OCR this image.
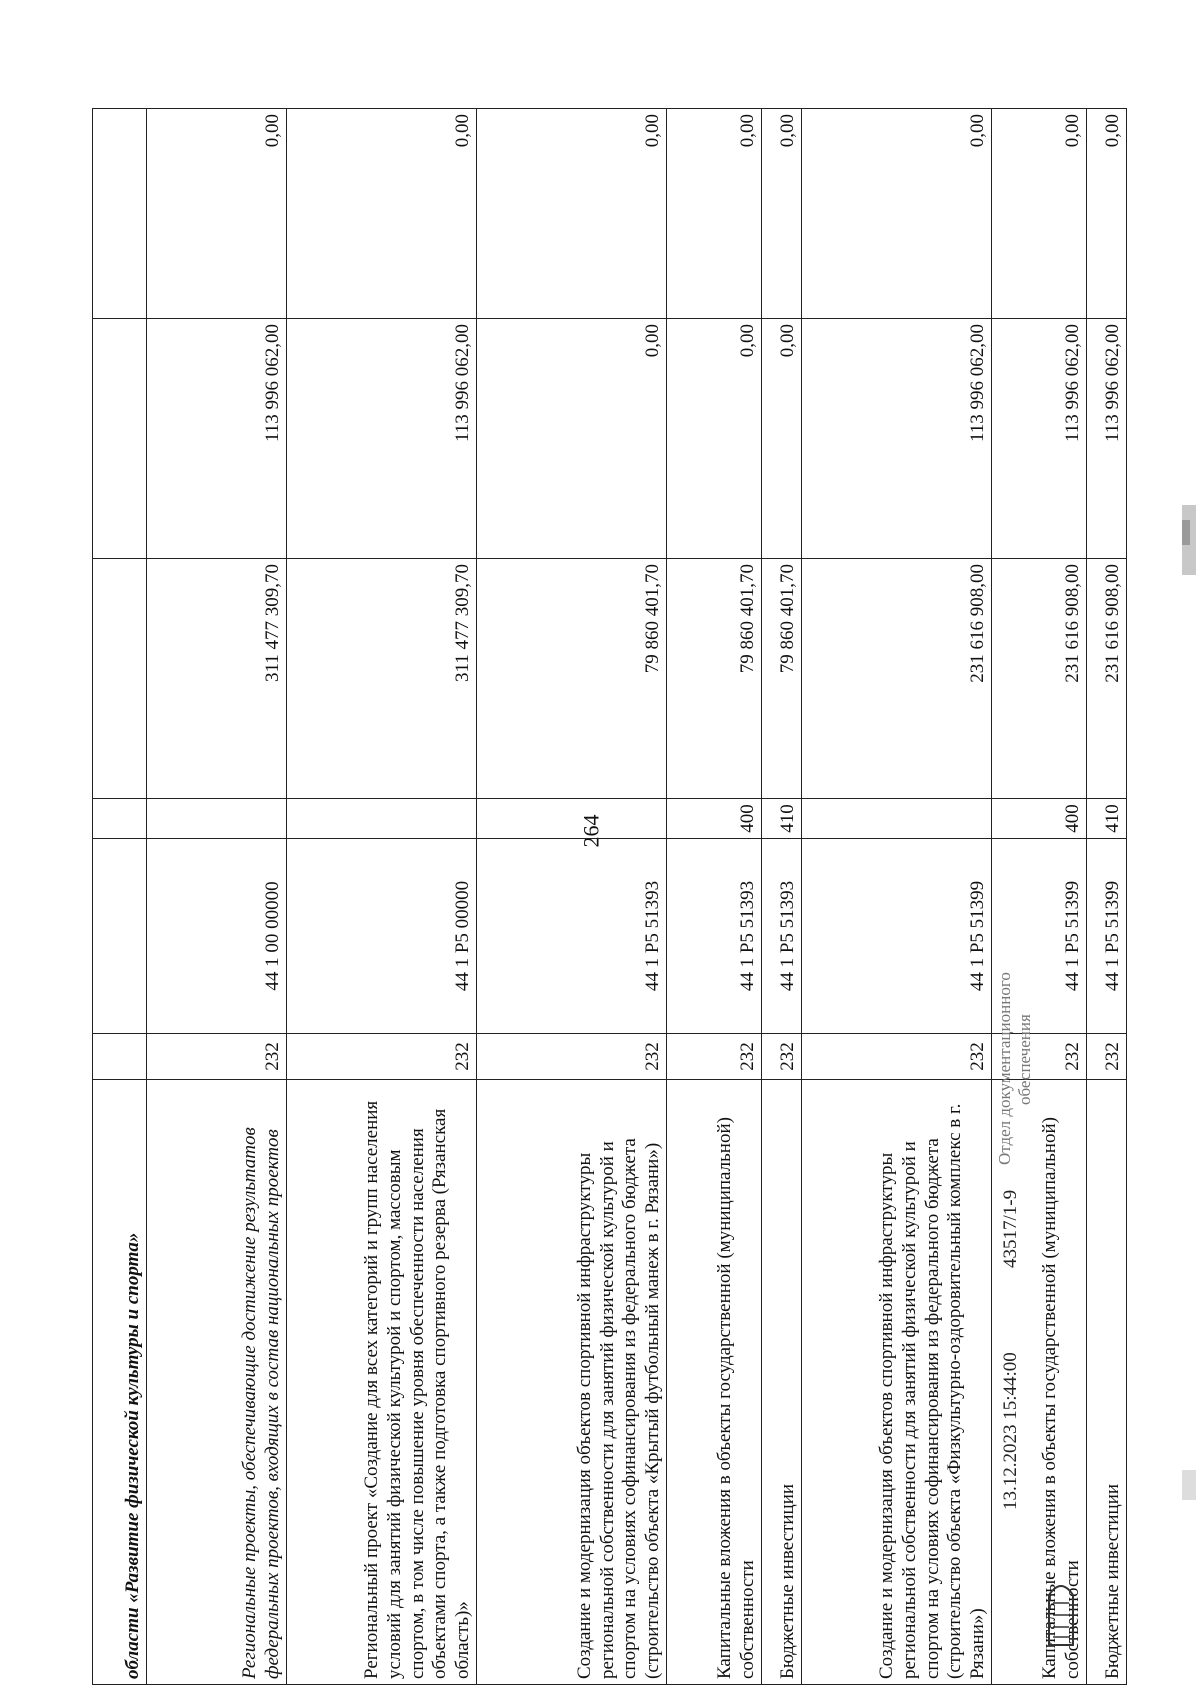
264
области «Развитие физической культуры и спорта»						
Региональные проекты, обеспечивающие достижение результатов федеральных проектов, входящих в состав национальных проектов	232	44 1 00 00000		311 477 309,70	113 996 062,00	0,00
Региональный проект «Создание для всех категорий и групп населения условий для занятий физической культурой и спортом, массовым спортом, в том числе повышение уровня обеспеченности населения объектами спорта, а также подготовка спортивного резерва (Рязанская область)»	232	44 1 P5 00000		311 477 309,70	113 996 062,00	0,00
Создание и модернизация объектов спортивной инфраструктуры региональной собственности для занятий физической культурой и спортом на условиях софинансирования из федерального бюджета (строительство объекта «Крытый футбольный манеж в г. Рязани»)	232	44 1 P5 51393		79 860 401,70	0,00	0,00
Капитальные вложения в объекты государственной (муниципальной) собственности	232	44 1 P5 51393	400	79 860 401,70	0,00	0,00
Бюджетные инвестиции	232	44 1 P5 51393	410	79 860 401,70	0,00	0,00
Создание и модернизация объектов спортивной инфраструктуры региональной собственности для занятий физической культурой и спортом на условиях софинансирования из федерального бюджета (строительство объекта «Физкультурно-оздоровительный комплекс в г. Рязани»)	232	44 1 P5 51399		231 616 908,00	113 996 062,00	0,00
Капитальные вложения в объекты государственной (муниципальной) собственности	232	44 1 P5 51399	400	231 616 908,00	113 996 062,00	0,00
Бюджетные инвестиции	232	44 1 P5 51399	410	231 616 908,00	113 996 062,00	0,00
13.12.2023 15:44:00
43517/1-9
Отдел документационного обеспечения
